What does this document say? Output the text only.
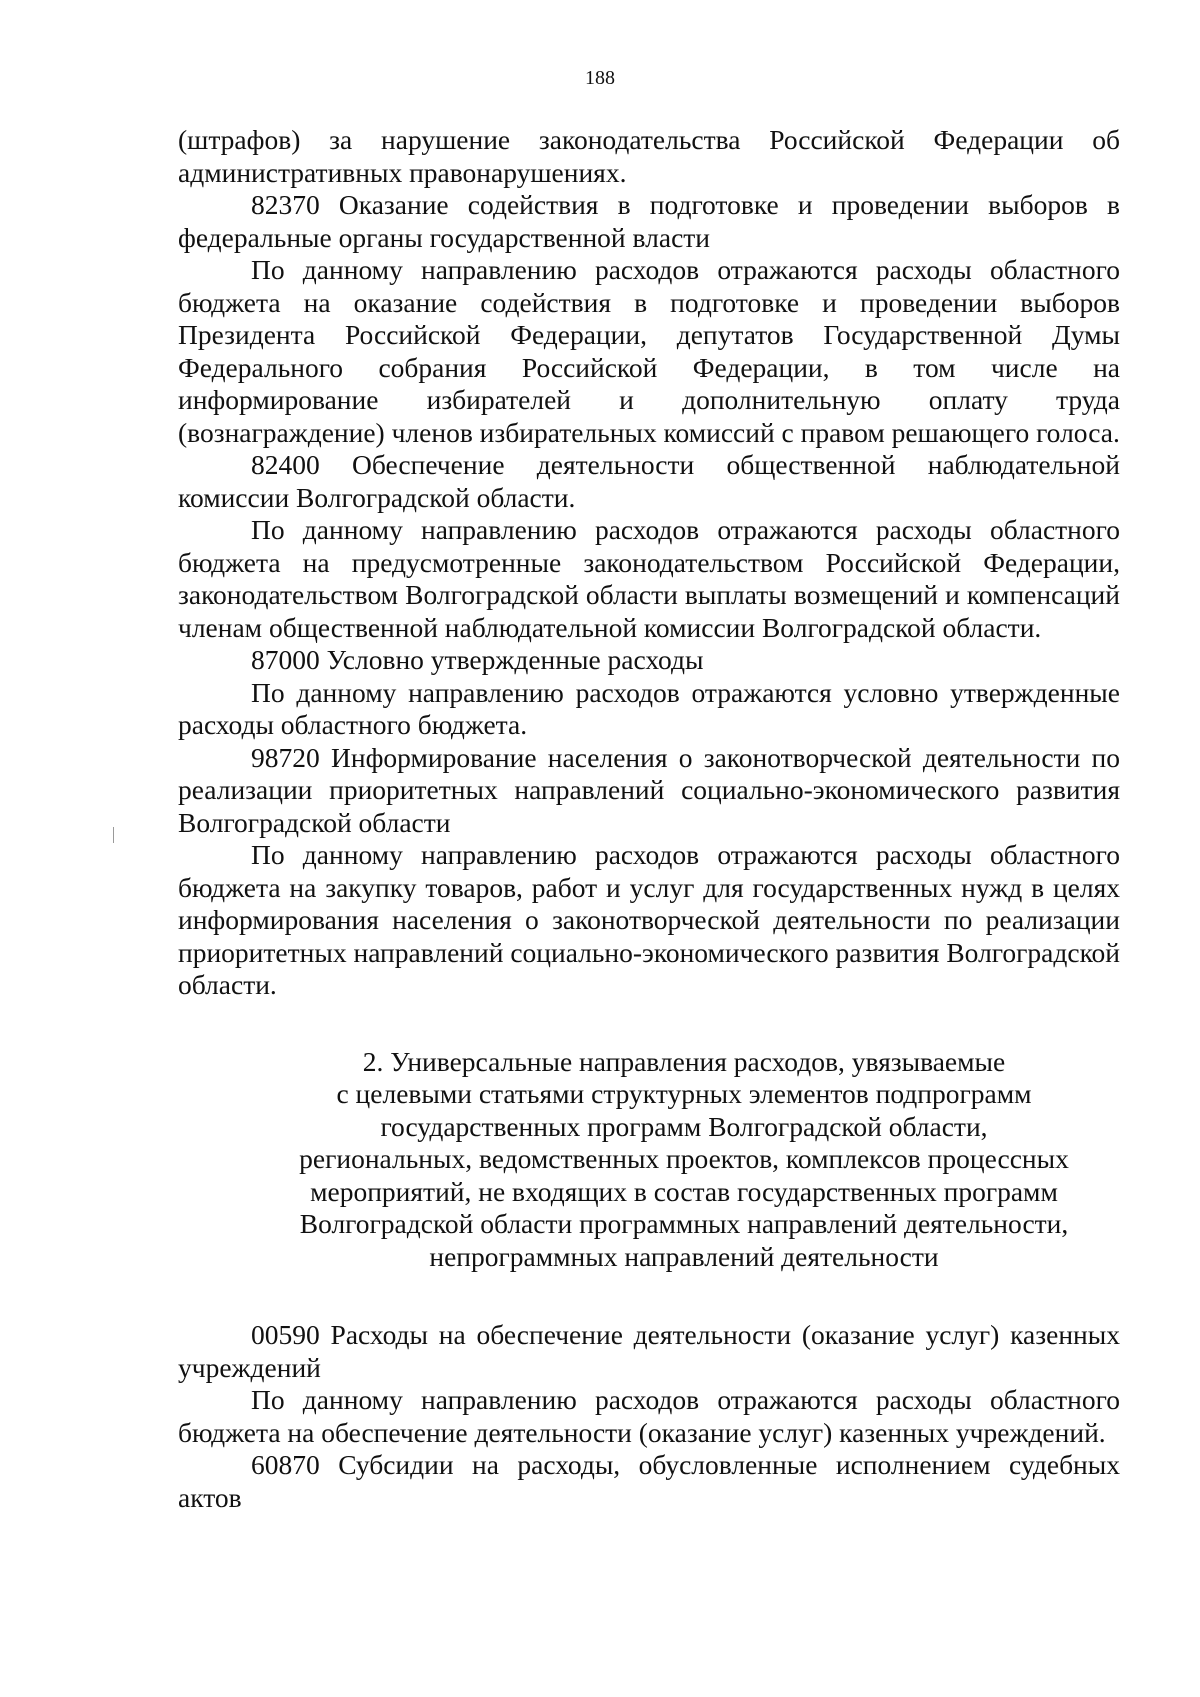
188

(штрафов) за нарушение законодательства Российской Федерации об административных правонарушениях.

82370 Оказание содействия в подготовке и проведении выборов в федеральные органы государственной власти

По данному направлению расходов отражаются расходы областного бюджета на оказание содействия в подготовке и проведении выборов Президента Российской Федерации, депутатов Государственной Думы Федерального собрания Российской Федерации, в том числе на информирование избирателей и дополнительную оплату труда (вознаграждение) членов избирательных комиссий с правом решающего голоса.

82400 Обеспечение деятельности общественной наблюдательной комиссии Волгоградской области.

По данному направлению расходов отражаются расходы областного бюджета на предусмотренные законодательством Российской Федерации, законодательством Волгоградской области выплаты возмещений и компенсаций членам общественной наблюдательной комиссии Волгоградской области.

87000 Условно утвержденные расходы

По данному направлению расходов отражаются условно утвержденные расходы областного бюджета.

98720 Информирование населения о законотворческой деятельности по реализации приоритетных направлений социально-экономического развития Волгоградской области

По данному направлению расходов отражаются расходы областного бюджета на закупку товаров, работ и услуг для государственных нужд в целях информирования населения о законотворческой деятельности по реализации приоритетных направлений социально-экономического развития Волгоградской области.

2. Универсальные направления расходов, увязываемые
с целевыми статьями структурных элементов подпрограмм
государственных программ Волгоградской области,
региональных, ведомственных проектов, комплексов процессных
мероприятий, не входящих в состав государственных программ
Волгоградской области программных направлений деятельности,
непрограммных направлений деятельности

00590 Расходы на обеспечение деятельности (оказание услуг) казенных учреждений

По данному направлению расходов отражаются расходы областного бюджета на обеспечение деятельности (оказание услуг) казенных учреждений.

60870 Субсидии на расходы, обусловленные исполнением судебных актов
